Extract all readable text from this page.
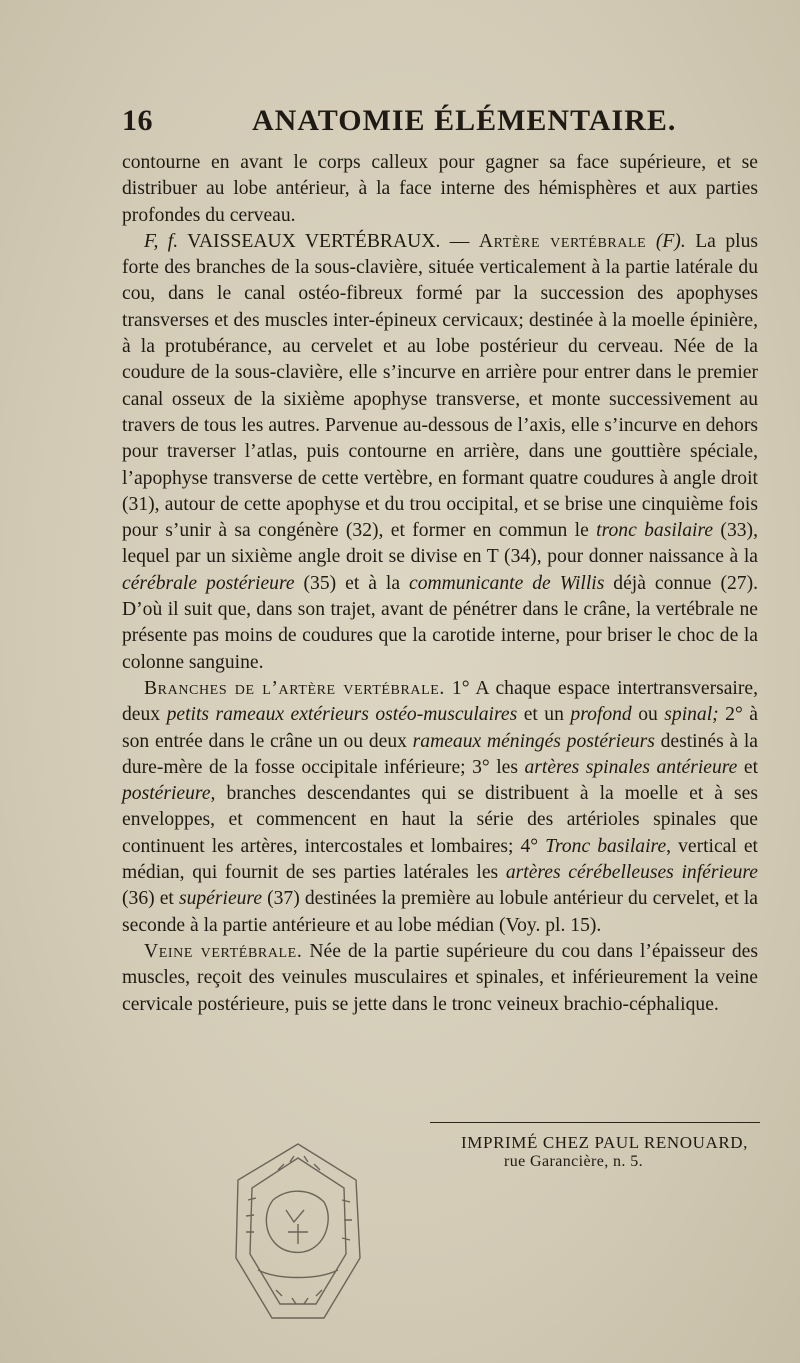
16	ANATOMIE ÉLÉMENTAIRE.

contourne en avant le corps calleux pour gagner sa face supérieure, et se distribuer au lobe antérieur, à la face interne des hémisphères et aux parties profondes du cerveau.

F, f. VAISSEAUX VERTÉBRAUX. — Artère vertébrale (F). La plus forte des branches de la sous-clavière, située verticalement à la partie latérale du cou, dans le canal ostéo-fibreux formé par la succession des apophyses transverses et des muscles inter-épineux cervicaux; destinée à la moelle épinière, à la protubérance, au cervelet et au lobe postérieur du cerveau. Née de la coudure de la sous-clavière, elle s’incurve en arrière pour entrer dans le premier canal osseux de la sixième apophyse transverse, et monte successivement au travers de tous les autres. Parvenue au-dessous de l’axis, elle s’incurve en dehors pour traverser l’atlas, puis contourne en arrière, dans une gouttière spéciale, l’apophyse transverse de cette vertèbre, en formant quatre coudures à angle droit (31), autour de cette apophyse et du trou occipital, et se brise une cinquième fois pour s’unir à sa congénère (32), et former en commun le tronc basilaire (33), lequel par un sixième angle droit se divise en T (34), pour donner naissance à la cérébrale postérieure (35) et à la communicante de Willis déjà connue (27). D’où il suit que, dans son trajet, avant de pénétrer dans le crâne, la vertébrale ne présente pas moins de coudures que la carotide interne, pour briser le choc de la colonne sanguine.

Branches de l’artère vertébrale. 1° A chaque espace intertransversaire, deux petits rameaux extérieurs ostéo-musculaires et un profond ou spinal; 2° à son entrée dans le crâne un ou deux rameaux méningés postérieurs destinés à la dure-mère de la fosse occipitale inférieure; 3° les artères spinales antérieure et postérieure, branches descendantes qui se distribuent à la moelle et à ses enveloppes, et commencent en haut la série des artérioles spinales que continuent les artères, intercostales et lombaires; 4° Tronc basilaire, vertical et médian, qui fournit de ses parties latérales les artères cérébelleuses inférieure (36) et supérieure (37) destinées la première au lobule antérieur du cervelet, et la seconde à la partie antérieure et au lobe médian (Voy. pl. 15).

Veine vertébrale. Née de la partie supérieure du cou dans l’épaisseur des muscles, reçoit des veinules musculaires et spinales, et inférieurement la veine cervicale postérieure, puis se jette dans le tronc veineux brachio-céphalique.

IMPRIMÉ CHEZ PAUL RENOUARD,
rue Garancière, n. 5.
